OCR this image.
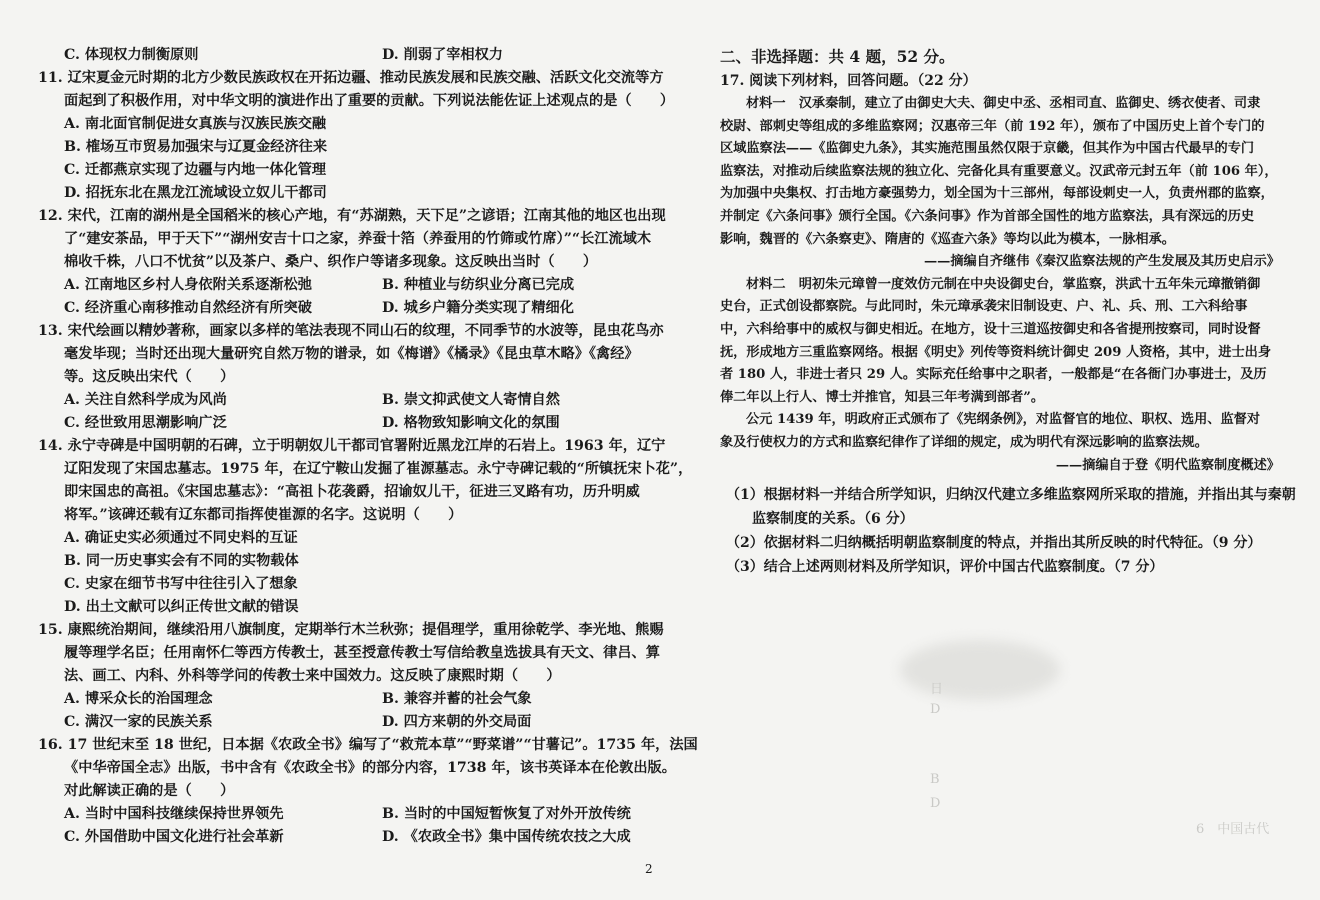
C. 体现权力制衡原则	D. 削弱了宰相权力
11. 辽宋夏金元时期的北方少数民族政权在开拓边疆、推动民族发展和民族交融、活跃文化交流等方
面起到了积极作用，对中华文明的演进作出了重要的贡献。下列说法能佐证上述观点的是（　　）
A. 南北面官制促进女真族与汉族民族交融
B. 榷场互市贸易加强宋与辽夏金经济往来
C. 迁都燕京实现了边疆与内地一体化管理
D. 招抚东北在黑龙江流域设立奴儿干都司
12. 宋代，江南的湖州是全国稻米的核心产地，有“苏湖熟，天下足”之谚语；江南其他的地区也出现
了“建安茶品，甲于天下”“湖州安吉十口之家，养蚕十箔（养蚕用的竹筛或竹席）”“长江流域木
棉收千株，八口不忧贫”以及茶户、桑户、织作户等诸多现象。这反映出当时（　　）
A. 江南地区乡村人身依附关系逐渐松弛	B. 种植业与纺织业分离已完成
C. 经济重心南移推动自然经济有所突破	D. 城乡户籍分类实现了精细化
13. 宋代绘画以精妙著称，画家以多样的笔法表现不同山石的纹理，不同季节的水波等，昆虫花鸟亦
毫发毕现；当时还出现大量研究自然万物的谱录，如《梅谱》《橘录》《昆虫草木略》《禽经》
等。这反映出宋代（　　）
A. 关注自然科学成为风尚	B. 崇文抑武使文人寄情自然
C. 经世致用思潮影响广泛	D. 格物致知影响文化的氛围
14. 永宁寺碑是中国明朝的石碑，立于明朝奴儿干都司官署附近黑龙江岸的石岩上。1963 年，辽宁
辽阳发现了宋国忠墓志。1975 年，在辽宁鞍山发掘了崔源墓志。永宁寺碑记载的“所镇抚宋卜花”，
即宋国忠的高祖。《宋国忠墓志》：“高祖卜花袭爵，招谕奴儿干，征进三叉路有功，历升明威
将军。”该碑还载有辽东都司指挥使崔源的名字。这说明（　　）
A. 确证史实必须通过不同史料的互证
B. 同一历史事实会有不同的实物载体
C. 史家在细节书写中往往引入了想象
D. 出土文献可以纠正传世文献的错误
15. 康熙统治期间，继续沿用八旗制度，定期举行木兰秋弥；提倡理学，重用徐乾学、李光地、熊赐
履等理学名臣；任用南怀仁等西方传教士，甚至授意传教士写信给教皇选拔具有天文、律吕、算
法、画工、内科、外科等学问的传教士来中国效力。这反映了康熙时期（　　）
A. 博采众长的治国理念	B. 兼容并蓄的社会气象
C. 满汉一家的民族关系	D. 四方来朝的外交局面
16. 17 世纪末至 18 世纪，日本据《农政全书》编写了“救荒本草”“野菜谱”“甘薯记”。1735 年，法国
《中华帝国全志》出版，书中含有《农政全书》的部分内容，1738 年，该书英译本在伦敦出版。
对此解读正确的是（　　）
A. 当时中国科技继续保持世界领先	B. 当时的中国短暂恢复了对外开放传统
C. 外国借助中国文化进行社会革新	D. 《农政全书》集中国传统农技之大成
2
二、非选择题：共 4 题，52 分。
17. 阅读下列材料，回答问题。（22 分）
材料一　汉承秦制，建立了由御史大夫、御史中丞、丞相司直、监御史、绣衣使者、司隶
校尉、部刺史等组成的多维监察网；汉惠帝三年（前 192 年），颁布了中国历史上首个专门的
区域监察法——《监御史九条》，其实施范围虽然仅限于京畿，但其作为中国古代最早的专门
监察法，对推动后续监察法规的独立化、完备化具有重要意义。汉武帝元封五年（前 106 年），
为加强中央集权、打击地方豪强势力，划全国为十三部州，每部设刺史一人，负责州郡的监察，
并制定《六条问事》颁行全国。《六条问事》作为首部全国性的地方监察法，具有深远的历史
影响，魏晋的《六条察吏》、隋唐的《巡查六条》等均以此为模本，一脉相承。
——摘编自齐继伟《秦汉监察法规的产生发展及其历史启示》
材料二　明初朱元璋曾一度效仿元制在中央设御史台，掌监察，洪武十五年朱元璋撤销御
史台，正式创设都察院。与此同时，朱元璋承袭宋旧制设吏、户、礼、兵、刑、工六科给事
中，六科给事中的威权与御史相近。在地方，设十三道巡按御史和各省提刑按察司，同时设督
抚，形成地方三重监察网络。根据《明史》列传等资料统计御史 209 人资格，其中，进士出身
者 180 人，非进士者只 29 人。实际充任给事中之职者，一般都是“在各衙门办事进士，及历
俸二年以上行人、博士并推官，知县三年考满到部者”。
公元 1439 年，明政府正式颁布了《宪纲条例》，对监督官的地位、职权、选用、监督对
象及行使权力的方式和监察纪律作了详细的规定，成为明代有深远影响的监察法规。
——摘编自于登《明代监察制度概述》
（1）根据材料一并结合所学知识，归纳汉代建立多维监察网所采取的措施，并指出其与秦朝
监察制度的关系。（6 分）
（2）依据材料二归纳概括明朝监察制度的特点，并指出其所反映的时代特征。（9 分）
（3）结合上述两则材料及所学知识，评价中国古代监察制度。（7 分）
日
D
B
D
6　中国古代
